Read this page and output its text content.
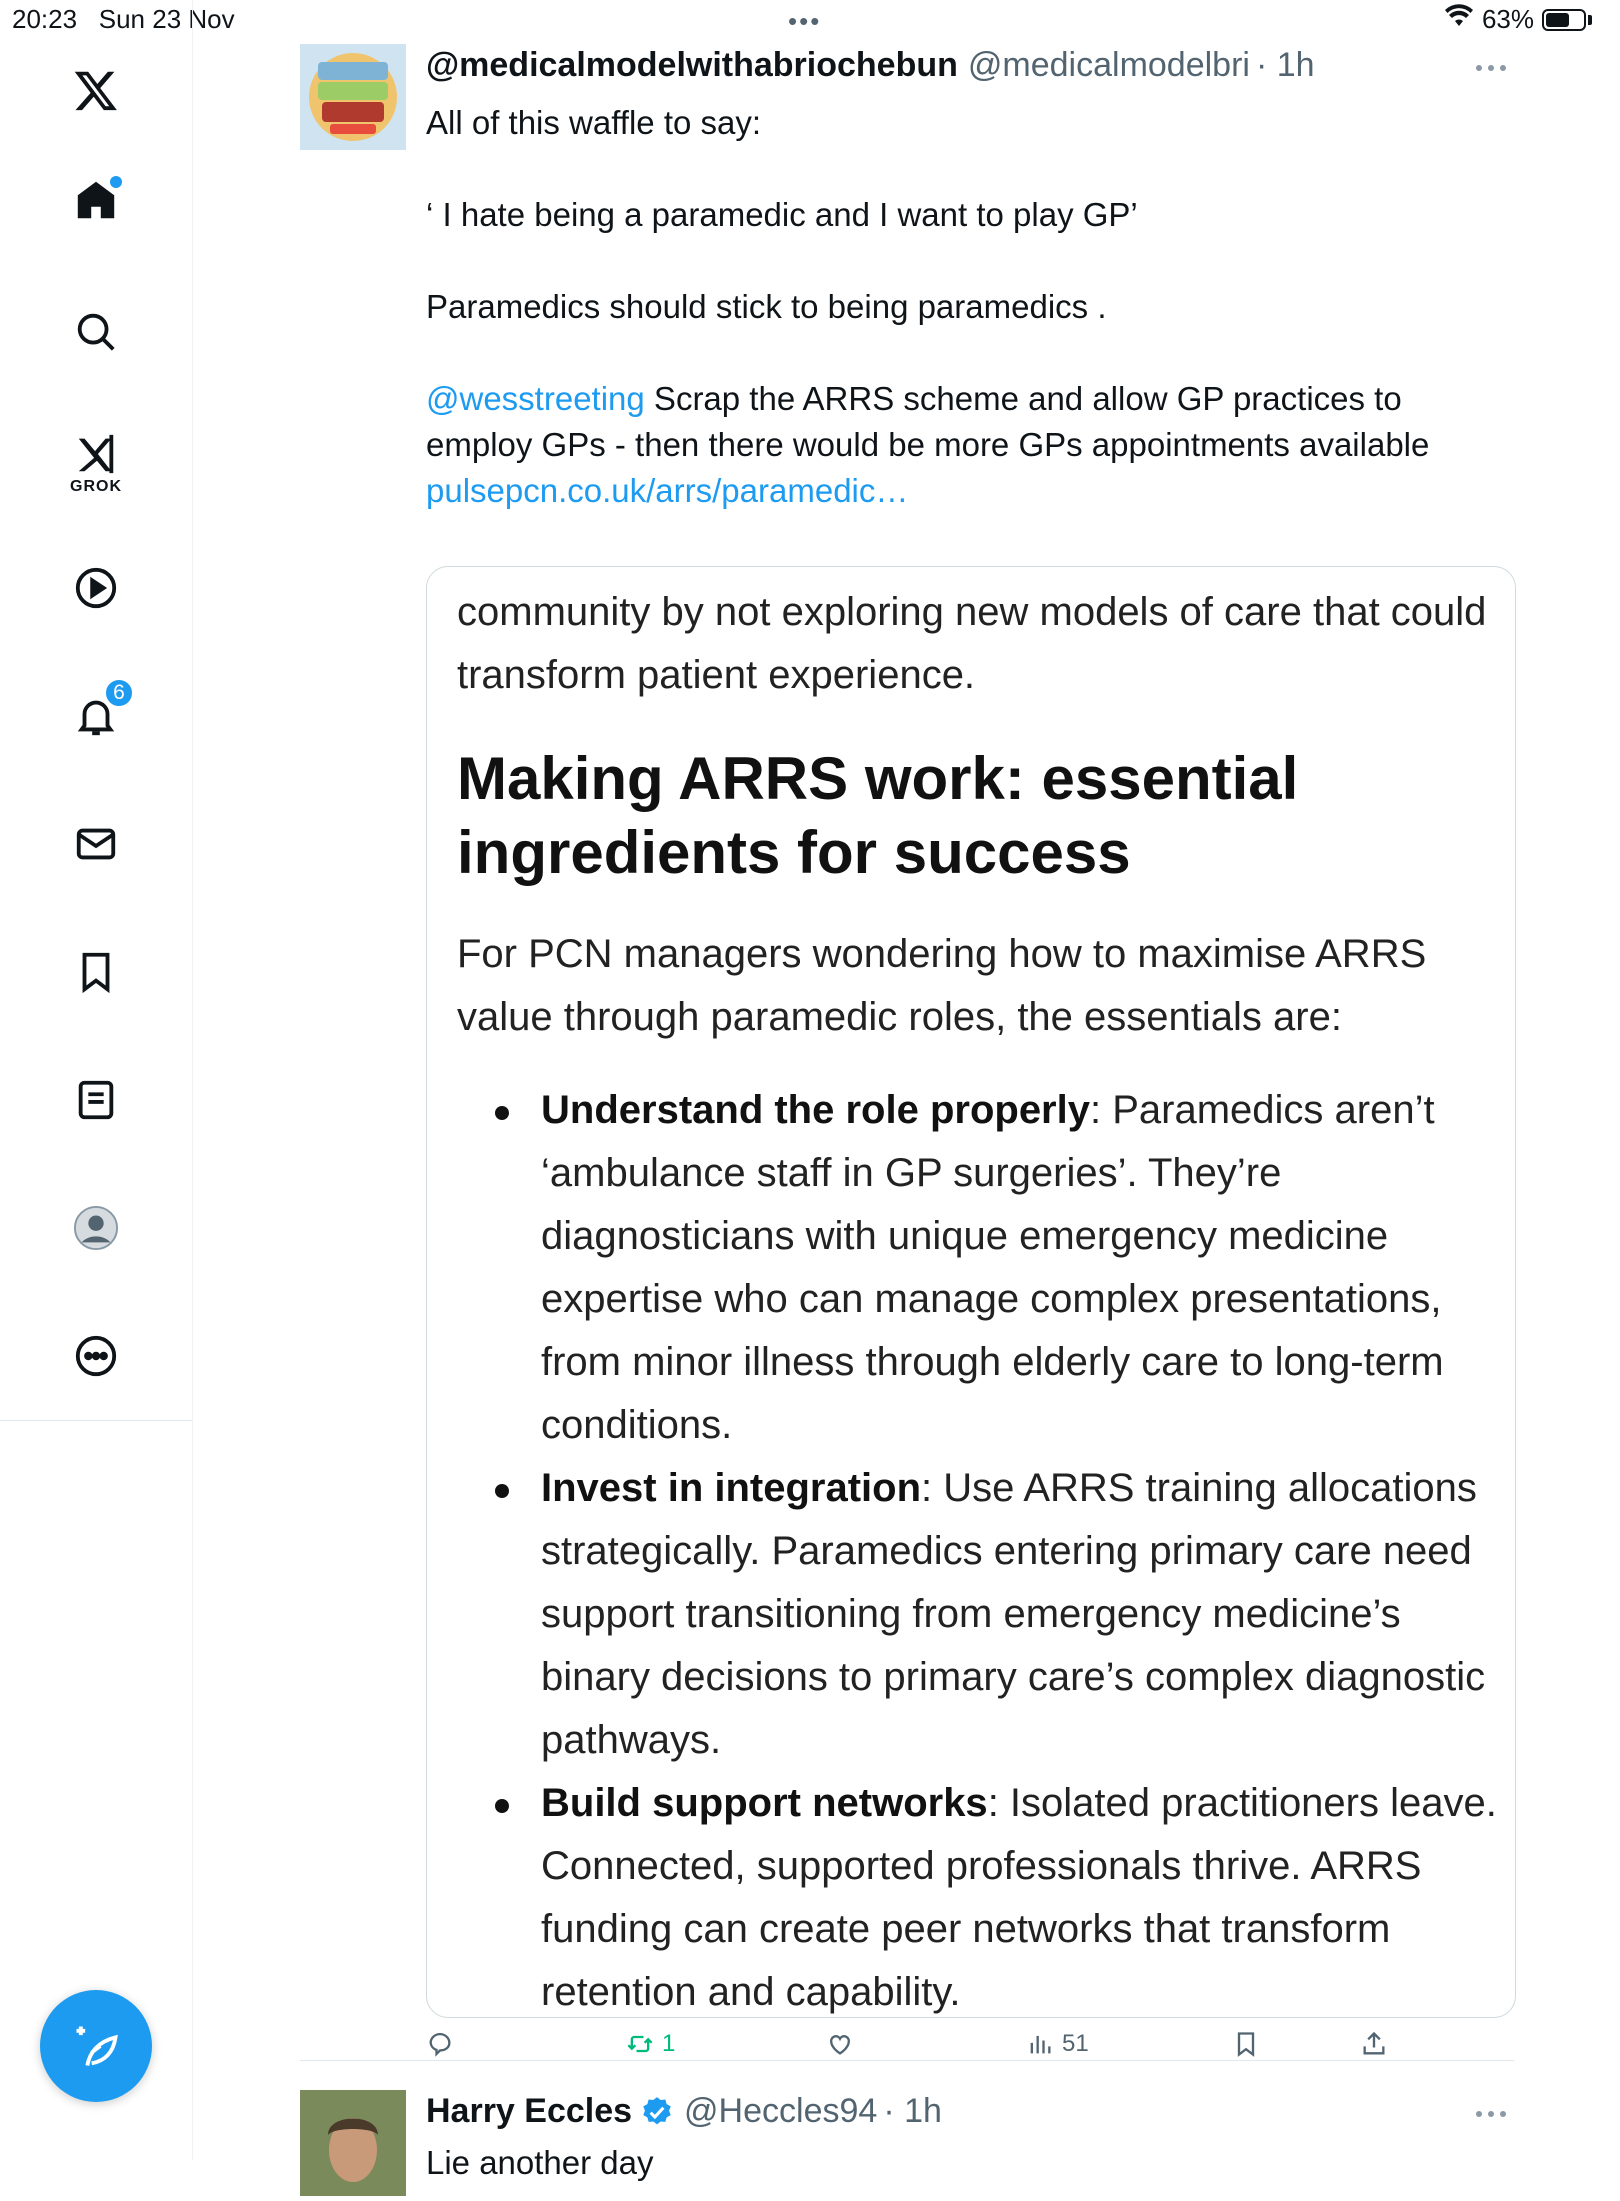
20:23 Sun 23 Nov	•••	63%
GROK
6
@medicalmodelwithabriochebun @medicalmodelbri · 1h

All of this waffle to say:

‘ I hate being a paramedic and I want to play GP’

Paramedics should stick to being paramedics .

@wesstreeting Scrap the ARRS scheme and allow GP practices to employ GPs - then there would be more GPs appointments available

pulsepcn.co.uk/arrs/paramedic…

community by not exploring new models of care that could transform patient experience.
Making ARRS work: essential ingredients for success
For PCN managers wondering how to maximise ARRS value through paramedic roles, the essentials are:

Understand the role properly: Paramedics aren’t ‘ambulance staff in GP surgeries’. They’re diagnosticians with unique emergency medicine expertise who can manage complex presentations, from minor illness through elderly care to long-term conditions.

Invest in integration: Use ARRS training allocations strategically. Paramedics entering primary care need support transitioning from emergency medicine’s binary decisions to primary care’s complex diagnostic pathways.

Build support networks: Isolated practitioners leave. Connected, supported professionals thrive. ARRS funding can create peer networks that transform retention and capability.

1	51
Harry Eccles @Heccles94 · 1h
Lie another day
